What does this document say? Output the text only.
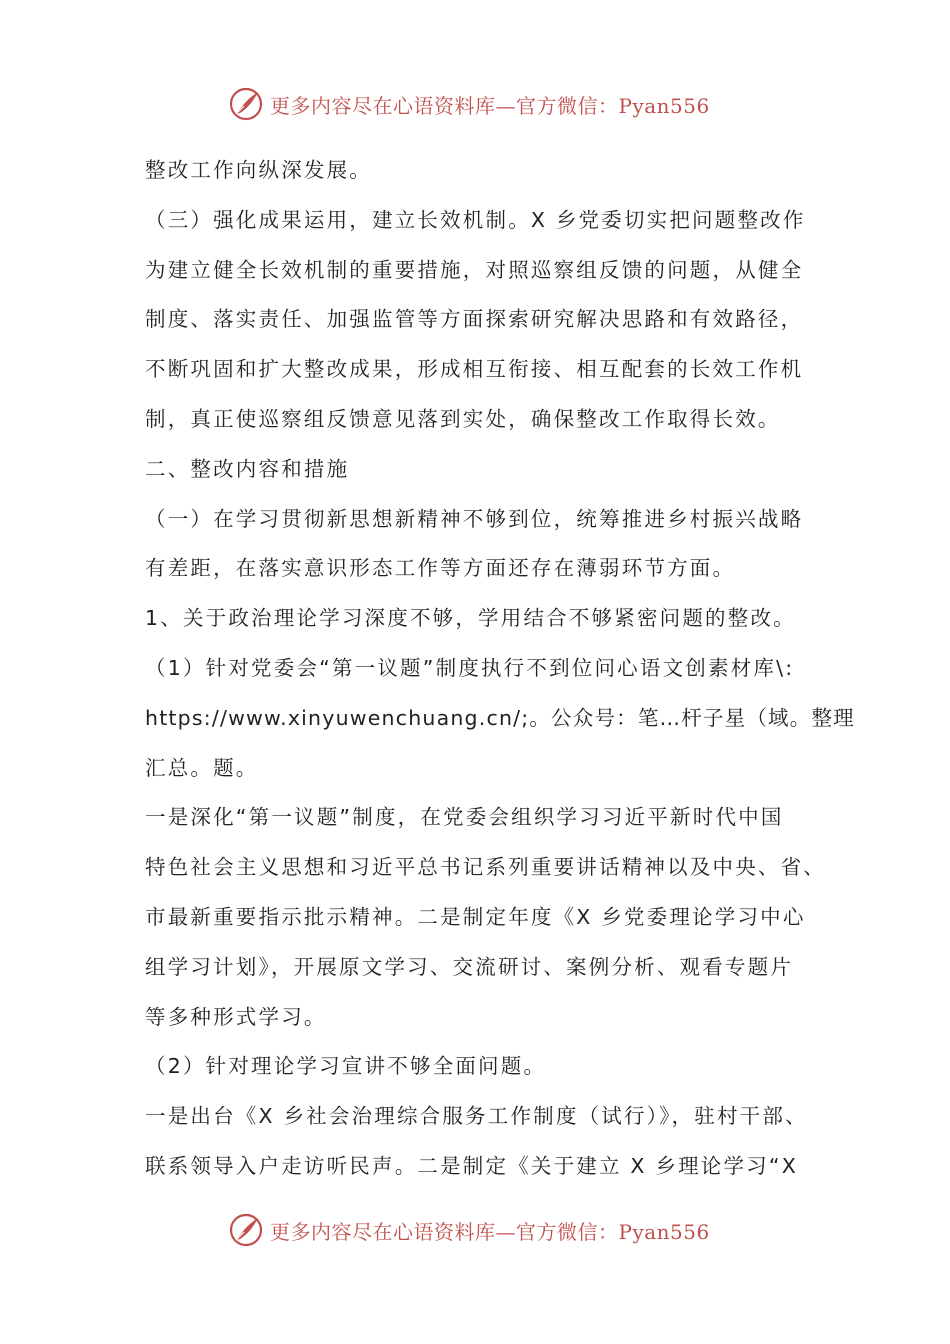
更多内容尽在心语资料库—官方微信：Pyan556
整改工作向纵深发展。
（三）强化成果运用，建立长效机制。X 乡党委切实把问题整改作
为建立健全长效机制的重要措施，对照巡察组反馈的问题，从健全
制度、落实责任、加强监管等方面探索研究解决思路和有效路径，
不断巩固和扩大整改成果，形成相互衔接、相互配套的长效工作机
制，真正使巡察组反馈意见落到实处，确保整改工作取得长效。
二、整改内容和措施
（一）在学习贯彻新思想新精神不够到位，统筹推进乡村振兴战略
有差距，在落实意识形态工作等方面还存在薄弱环节方面。
1、关于政治理论学习深度不够，学用结合不够紧密问题的整改。
（1）针对党委会“第一议题”制度执行不到位问心语文创素材库\:
https://www.xinyuwenchuang.cn/;。公众号：笔…杆子星（域。整理
汇总。题。
一是深化“第一议题”制度，在党委会组织学习习近平新时代中国
特色社会主义思想和习近平总书记系列重要讲话精神以及中央、省、
市最新重要指示批示精神。二是制定年度《X 乡党委理论学习中心
组学习计划》，开展原文学习、交流研讨、案例分析、观看专题片
等多种形式学习。
（2）针对理论学习宣讲不够全面问题。
一是出台《X 乡社会治理综合服务工作制度（试行）》，驻村干部、
联系领导入户走访听民声。二是制定《关于建立 X 乡理论学习“X
更多内容尽在心语资料库—官方微信：Pyan556
